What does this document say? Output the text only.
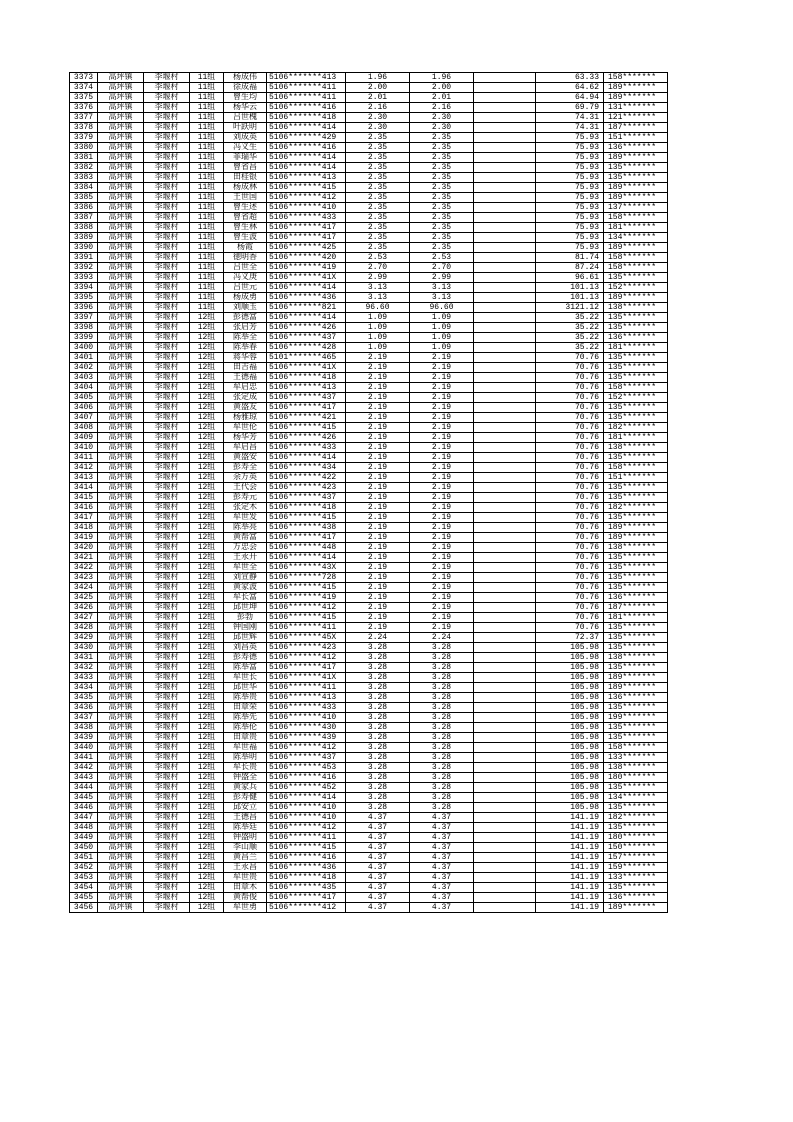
3373	高坪镇	李堰村	11组	杨成伟	5106*******413	1.96	1.96		63.33	158*******
3374	高坪镇	李堰村	11组	徐成福	5106*******411	2.00	2.00		64.62	189*******
3375	高坪镇	李堰村	11组	曾生均	5106*******411	2.01	2.01		64.94	189*******
3376	高坪镇	李堰村	11组	杨华云	5106*******416	2.16	2.16		69.79	131*******
3377	高坪镇	李堰村	11组	吕世槐	5106*******418	2.30	2.30		74.31	121*******
3378	高坪镇	李堰村	11组	叶跃明	5106*******414	2.30	2.30		74.31	187*******
3379	高坪镇	李堰村	11组	刘成英	5106*******429	2.35	2.35		75.93	151*******
3380	高坪镇	李堰村	11组	冯义生	5106*******416	2.35	2.35		75.93	136*******
3381	高坪镇	李堰村	11组	菲瑞华	5106*******414	2.35	2.35		75.93	189*******
3382	高坪镇	李堰村	11组	曾省昌	5106*******414	2.35	2.35		75.93	135*******
3383	高坪镇	李堰村	11组	田桂银	5106*******413	2.35	2.35		75.93	135*******
3384	高坪镇	李堰村	11组	杨成林	5106*******415	2.35	2.35		75.93	189*******
3385	高坪镇	李堰村	11组	王世国	5106*******412	2.35	2.35		75.93	189*******
3386	高坪镇	李堰村	11组	曾生述	5106*******410	2.35	2.35		75.93	137*******
3387	高坪镇	李堰村	11组	曾省超	5106*******433	2.35	2.35		75.93	158*******
3388	高坪镇	李堰村	11组	曾生林	5106*******417	2.35	2.35		75.93	181*******
3389	高坪镇	李堰村	11组	曾生波	5106*******417	2.35	2.35		75.93	134*******
3390	高坪镇	李堰村	11组	杨霞	5106*******425	2.35	2.35		75.93	189*******
3391	高坪镇	李堰村	11组	徳明香	5106*******420	2.53	2.53		81.74	158*******
3392	高坪镇	李堰村	11组	吕世全	5106*******419	2.70	2.70		87.24	158*******
3393	高坪镇	李堰村	11组	冯义庚	5106*******41X	2.99	2.99		96.61	135*******
3394	高坪镇	李堰村	11组	吕世元	5106*******414	3.13	3.13		101.13	152*******
3395	高坪镇	李堰村	11组	杨成勇	5106*******436	3.13	3.13		101.13	189*******
3396	高坪镇	李堰村	11组	刘顺玉	5106*******821	96.60	96.60		3121.12	138*******
3397	高坪镇	李堰村	12组	彭德富	5106*******414	1.09	1.09		35.22	135*******
3398	高坪镇	李堰村	12组	张启芳	5106*******426	1.09	1.09		35.22	135*******
3399	高坪镇	李堰村	12组	陈举全	5106*******437	1.09	1.09		35.22	136*******
3400	高坪镇	李堰村	12组	陈举春	5106*******428	1.09	1.09		35.22	181*******
3401	高坪镇	李堰村	12组	蒋华蓉	5101*******465	2.19	2.19		70.76	135*******
3402	高坪镇	李堰村	12组	田吉福	5106*******41X	2.19	2.19		70.76	135*******
3403	高坪镇	李堰村	12组	王德福	5106*******418	2.19	2.19		70.76	135*******
3404	高坪镇	李堰村	12组	牟启忠	5106*******413	2.19	2.19		70.76	158*******
3405	高坪镇	李堰村	12组	张定成	5106*******437	2.19	2.19		70.76	152*******
3406	高坪镇	李堰村	12组	黄盛友	5106*******417	2.19	2.19		70.76	135*******
3407	高坪镇	李堰村	12组	杨雅琼	5106*******421	2.19	2.19		70.76	135*******
3408	高坪镇	李堰村	12组	牟世伦	5106*******415	2.19	2.19		70.76	182*******
3409	高坪镇	李堰村	12组	杨华芳	5106*******426	2.19	2.19		70.76	181*******
3410	高坪镇	李堰村	12组	牟启昌	5106*******433	2.19	2.19		70.76	138*******
3411	高坪镇	李堰村	12组	黄盛安	5106*******414	2.19	2.19		70.76	135*******
3412	高坪镇	李堰村	12组	彭寿全	5106*******434	2.19	2.19		70.76	158*******
3413	高坪镇	李堰村	12组	余万英	5106*******422	2.19	2.19		70.76	151*******
3414	高坪镇	李堰村	12组	王代会	5106*******423	2.19	2.19		70.76	135*******
3415	高坪镇	李堰村	12组	彭寿元	5106*******437	2.19	2.19		70.76	135*******
3416	高坪镇	李堰村	12组	张定木	5106*******418	2.19	2.19		70.76	182*******
3417	高坪镇	李堰村	12组	牟世发	5106*******415	2.19	2.19		70.76	135*******
3418	高坪镇	李堰村	12组	陈举亮	5106*******438	2.19	2.19		70.76	189*******
3419	高坪镇	李堰村	12组	黄帮富	5106*******417	2.19	2.19		70.76	189*******
3420	高坪镇	李堰村	12组	万忠会	5106*******448	2.19	2.19		70.76	138*******
3421	高坪镇	李堰村	12组	王永开	5106*******414	2.19	2.19		70.76	135*******
3422	高坪镇	李堰村	12组	牟世全	5106*******43X	2.19	2.19		70.76	135*******
3423	高坪镇	李堰村	12组	刘宣静	5106*******728	2.19	2.19		70.76	135*******
3424	高坪镇	李堰村	12组	黄家波	5106*******415	2.19	2.19		70.76	135*******
3425	高坪镇	李堰村	12组	牟长富	5106*******419	2.19	2.19		70.76	136*******
3426	高坪镇	李堰村	12组	邱世坤	5106*******412	2.19	2.19		70.76	187*******
3427	高坪镇	李堰村	12组	彭勃	5106*******415	2.19	2.19		70.76	181*******
3428	高坪镇	李堰村	12组	钟国刚	5106*******411	2.19	2.19		70.76	135*******
3429	高坪镇	李堰村	12组	邱世辉	5106*******45X	2.24	2.24		72.37	135*******
3430	高坪镇	李堰村	12组	刘昌英	5106*******423	3.28	3.28		105.98	135*******
3431	高坪镇	李堰村	12组	彭寿德	5106*******412	3.28	3.28		105.98	138*******
3432	高坪镇	李堰村	12组	陈举富	5106*******417	3.28	3.28		105.98	135*******
3433	高坪镇	李堰村	12组	牟世长	5106*******41X	3.28	3.28		105.98	189*******
3434	高坪镇	李堰村	12组	邱世华	5106*******411	3.28	3.28		105.98	189*******
3435	高坪镇	李堰村	12组	陈举贵	5106*******413	3.28	3.28		105.98	136*******
3436	高坪镇	李堰村	12组	田章荣	5106*******433	3.28	3.28		105.98	135*******
3437	高坪镇	李堰村	12组	陈举先	5106*******410	3.28	3.28		105.98	199*******
3438	高坪镇	李堰村	12组	陈举伦	5106*******430	3.28	3.28		105.98	135*******
3439	高坪镇	李堰村	12组	田章贵	5106*******439	3.28	3.28		105.98	135*******
3440	高坪镇	李堰村	12组	牟世福	5106*******412	3.28	3.28		105.98	158*******
3441	高坪镇	李堰村	12组	陈举明	5106*******437	3.28	3.28		105.98	133*******
3442	高坪镇	李堰村	12组	牟长贵	5106*******453	3.28	3.28		105.98	138*******
3443	高坪镇	李堰村	12组	钟盛全	5106*******416	3.28	3.28		105.98	180*******
3444	高坪镇	李堰村	12组	黄家兵	5106*******452	3.28	3.28		105.98	135*******
3445	高坪镇	李堰村	12组	彭寿健	5106*******414	3.28	3.28		105.98	134*******
3446	高坪镇	李堰村	12组	邱安立	5106*******410	3.28	3.28		105.98	135*******
3447	高坪镇	李堰村	12组	王德昌	5106*******410	4.37	4.37		141.19	182*******
3448	高坪镇	李堰村	12组	陈举廷	5106*******412	4.37	4.37		141.19	135*******
3449	高坪镇	李堰村	12组	钟盛明	5106*******411	4.37	4.37		141.19	180*******
3450	高坪镇	李堰村	12组	李山顺	5106*******415	4.37	4.37		141.19	150*******
3451	高坪镇	李堰村	12组	黄昌兰	5106*******416	4.37	4.37		141.19	157*******
3452	高坪镇	李堰村	12组	王永昌	5106*******436	4.37	4.37		141.19	159*******
3453	高坪镇	李堰村	12组	牟世贵	5106*******418	4.37	4.37		141.19	133*******
3454	高坪镇	李堰村	12组	田章木	5106*******435	4.37	4.37		141.19	135*******
3455	高坪镇	李堰村	12组	黄帮俊	5106*******417	4.37	4.37		141.19	136*******
3456	高坪镇	李堰村	12组	牟世勇	5106*******412	4.37	4.37		141.19	189*******
